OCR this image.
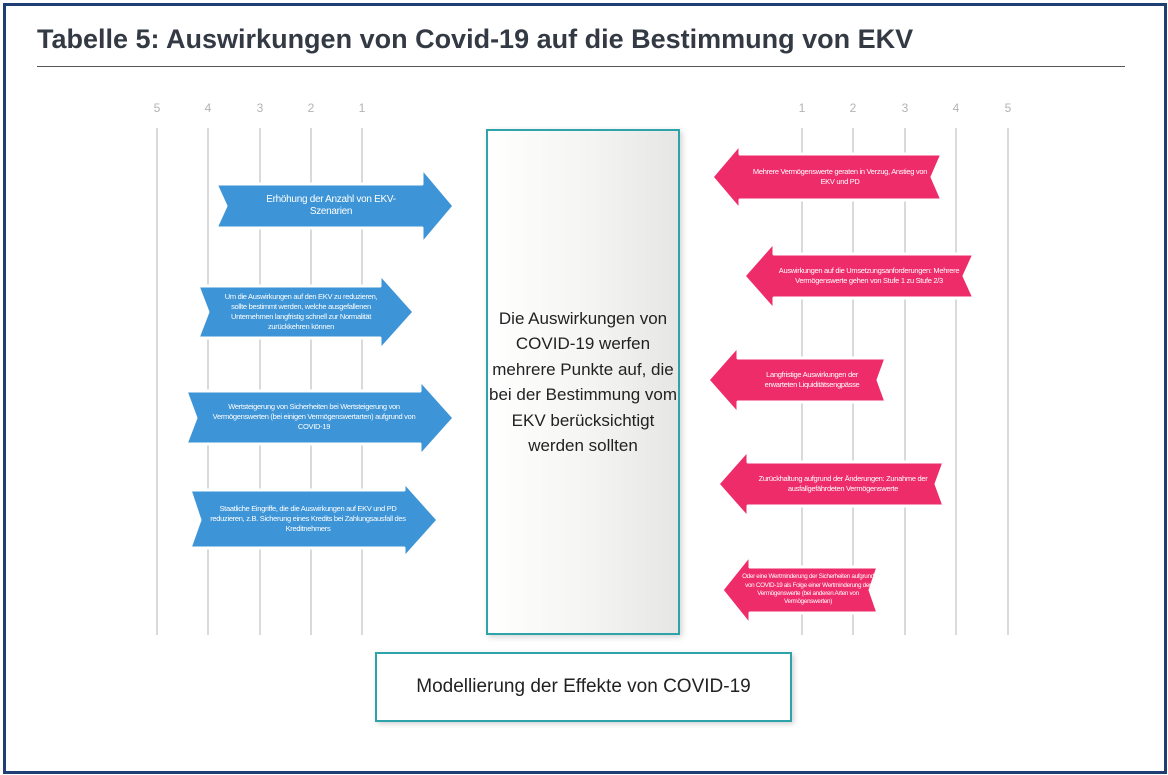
Tabelle 5: Auswirkungen von Covid-19 auf die Bestimmung von EKV
5	4	3	2	1	1	2	3	4	5
Die Auswirkungen von COVID-19 werfen mehrere Punkte auf, die bei der Bestimmung vom EKV berücksichtigt werden sollten
Erhöhung der Anzahl von EKV-Szenarien
Um die Auswirkungen auf den EKV zu reduzieren, sollte bestimmt werden, welche ausgefallenen Unternehmen langfristig schnell zur Normalität zurückkehren können
Wertsteigerung von Sicherheiten bei Wertsteigerung von Vermögenswerten (bei einigen Vermögenswertarten) aufgrund von COVID-19
Staatliche Eingriffe, die die Auswirkungen auf EKV und PD reduzieren, z.B. Sicherung eines Kredits bei Zahlungsausfall des Kreditnehmers
Mehrere Vermögenswerte geraten in Verzug, Anstieg von EKV und PD
Auswirkungen auf die Umsetzungsanforderungen: Mehrere Vermögenswerte gehen von Stufe 1 zu Stufe 2/3
Langfristige Auswirkungen der erwarteten Liquiditätsengpässe
Zurückhaltung aufgrund der Änderungen: Zunahme der ausfallgefährdeten Vermögenswerte
Oder eine Wertminderung der Sicherheiten aufgrund von COVID-19 als Folge einer Wertminderung der Vermögenswerte (bei anderen Arten von Vermögenswerten)
Modellierung der Effekte von COVID-19
